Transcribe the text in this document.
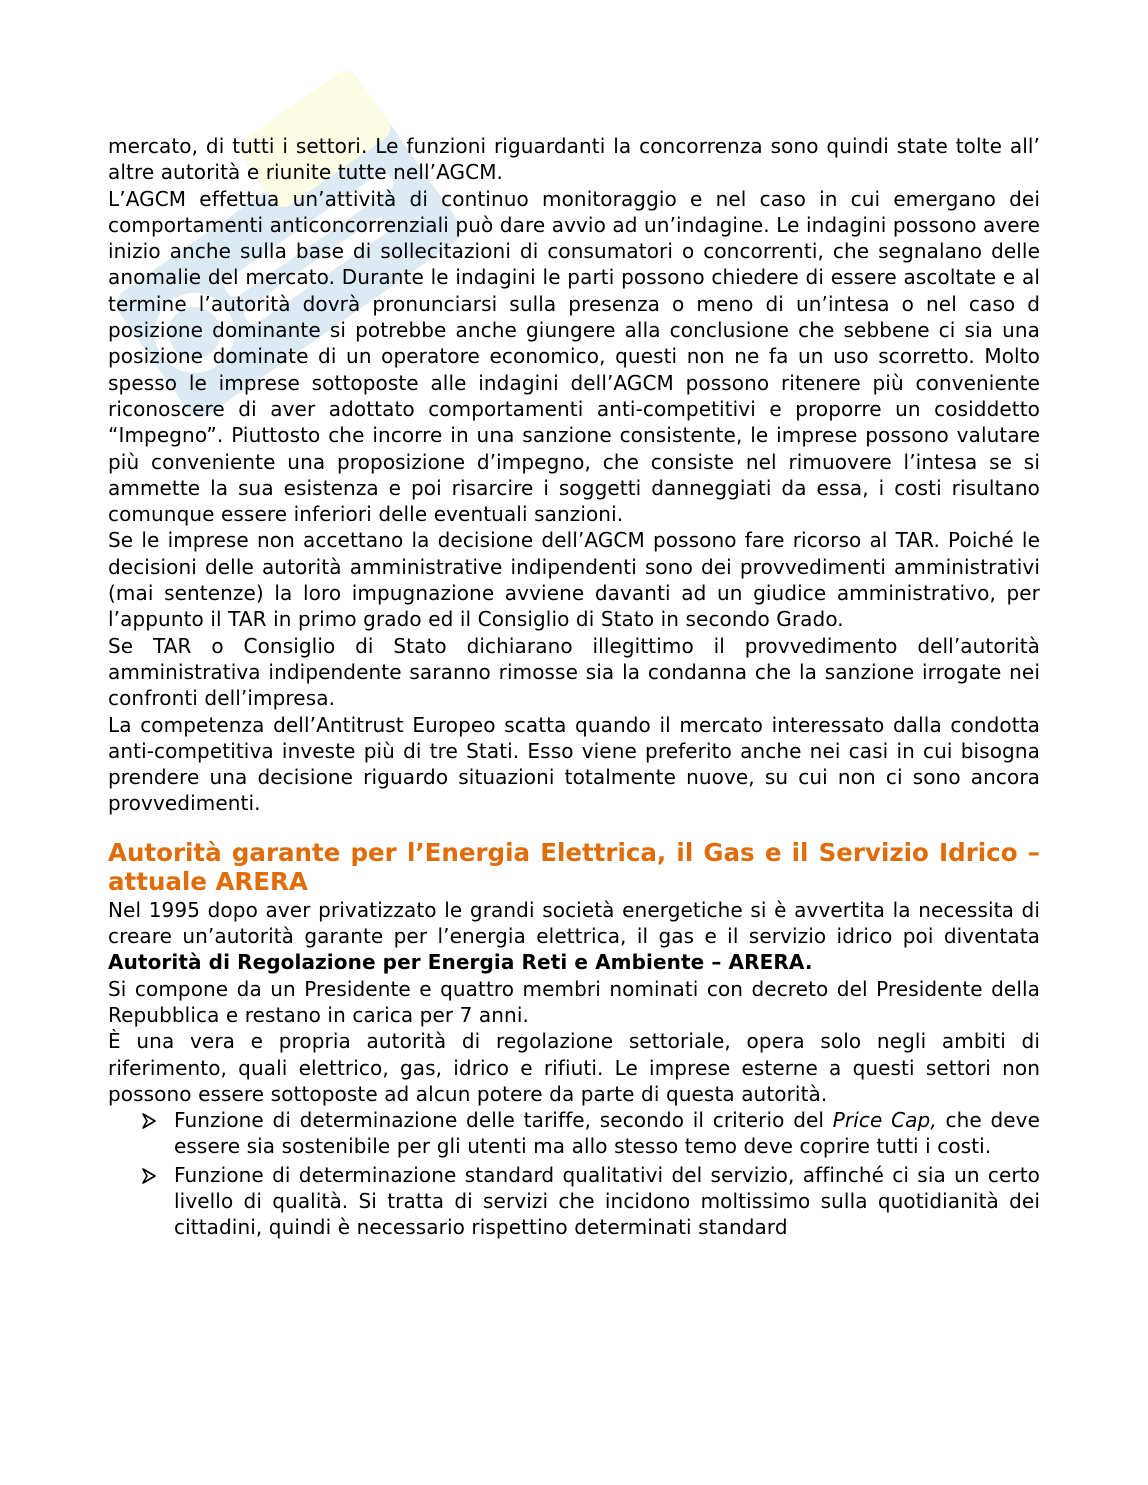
mercato, di tutti i settori. Le funzioni riguardanti la concorrenza sono quindi state tolte all’ altre autorità e riunite tutte nell’AGCM.

L’AGCM effettua un’attività di continuo monitoraggio e nel caso in cui emergano dei comportamenti anticoncorrenziali può dare avvio ad un’indagine. Le indagini possono avere inizio anche sulla base di sollecitazioni di consumatori o concorrenti, che segnalano delle anomalie del mercato. Durante le indagini le parti possono chiedere di essere ascoltate e al termine l’autorità dovrà pronunciarsi sulla presenza o meno di un’intesa o nel caso d posizione dominante si potrebbe anche giungere alla conclusione che sebbene ci sia una posizione dominate di un operatore economico, questi non ne fa un uso scorretto. Molto spesso le imprese sottoposte alle indagini dell’AGCM possono ritenere più conveniente riconoscere di aver adottato comportamenti anti-competitivi e proporre un cosiddetto “Impegno”. Piuttosto che incorre in una sanzione consistente, le imprese possono valutare più conveniente una proposizione d’impegno, che consiste nel rimuovere l’intesa se si ammette la sua esistenza e poi risarcire i soggetti danneggiati da essa, i costi risultano comunque essere inferiori delle eventuali sanzioni.

Se le imprese non accettano la decisione dell’AGCM possono fare ricorso al TAR. Poiché le decisioni delle autorità amministrative indipendenti sono dei provvedimenti amministrativi (mai sentenze) la loro impugnazione avviene davanti ad un giudice amministrativo, per l’appunto il TAR in primo grado ed il Consiglio di Stato in secondo Grado.

Se TAR o Consiglio di Stato dichiarano illegittimo il provvedimento dell’autorità amministrativa indipendente saranno rimosse sia la condanna che la sanzione irrogate nei confronti dell’impresa.

La competenza dell’Antitrust Europeo scatta quando il mercato interessato dalla condotta anti-competitiva investe più di tre Stati. Esso viene preferito anche nei casi in cui bisogna prendere una decisione riguardo situazioni totalmente nuove, su cui non ci sono ancora provvedimenti.

Autorità garante per l’Energia Elettrica, il Gas e il Servizio Idrico – attuale ARERA

Nel 1995 dopo aver privatizzato le grandi società energetiche si è avvertita la necessita di creare un’autorità garante per l’energia elettrica, il gas e il servizio idrico poi diventata Autorità di Regolazione per Energia Reti e Ambiente – ARERA.

Si compone da un Presidente e quattro membri nominati con decreto del Presidente della Repubblica e restano in carica per 7 anni.

È una vera e propria autorità di regolazione settoriale, opera solo negli ambiti di riferimento, quali elettrico, gas, idrico e rifiuti. Le imprese esterne a questi settori non possono essere sottoposte ad alcun potere da parte di questa autorità.

Funzione di determinazione delle tariffe, secondo il criterio del Price Cap, che deve essere sia sostenibile per gli utenti ma allo stesso temo deve coprire tutti i costi.
Funzione di determinazione standard qualitativi del servizio, affinché ci sia un certo livello di qualità. Si tratta di servizi che incidono moltissimo sulla quotidianità dei cittadini, quindi è necessario rispettino determinati standard
